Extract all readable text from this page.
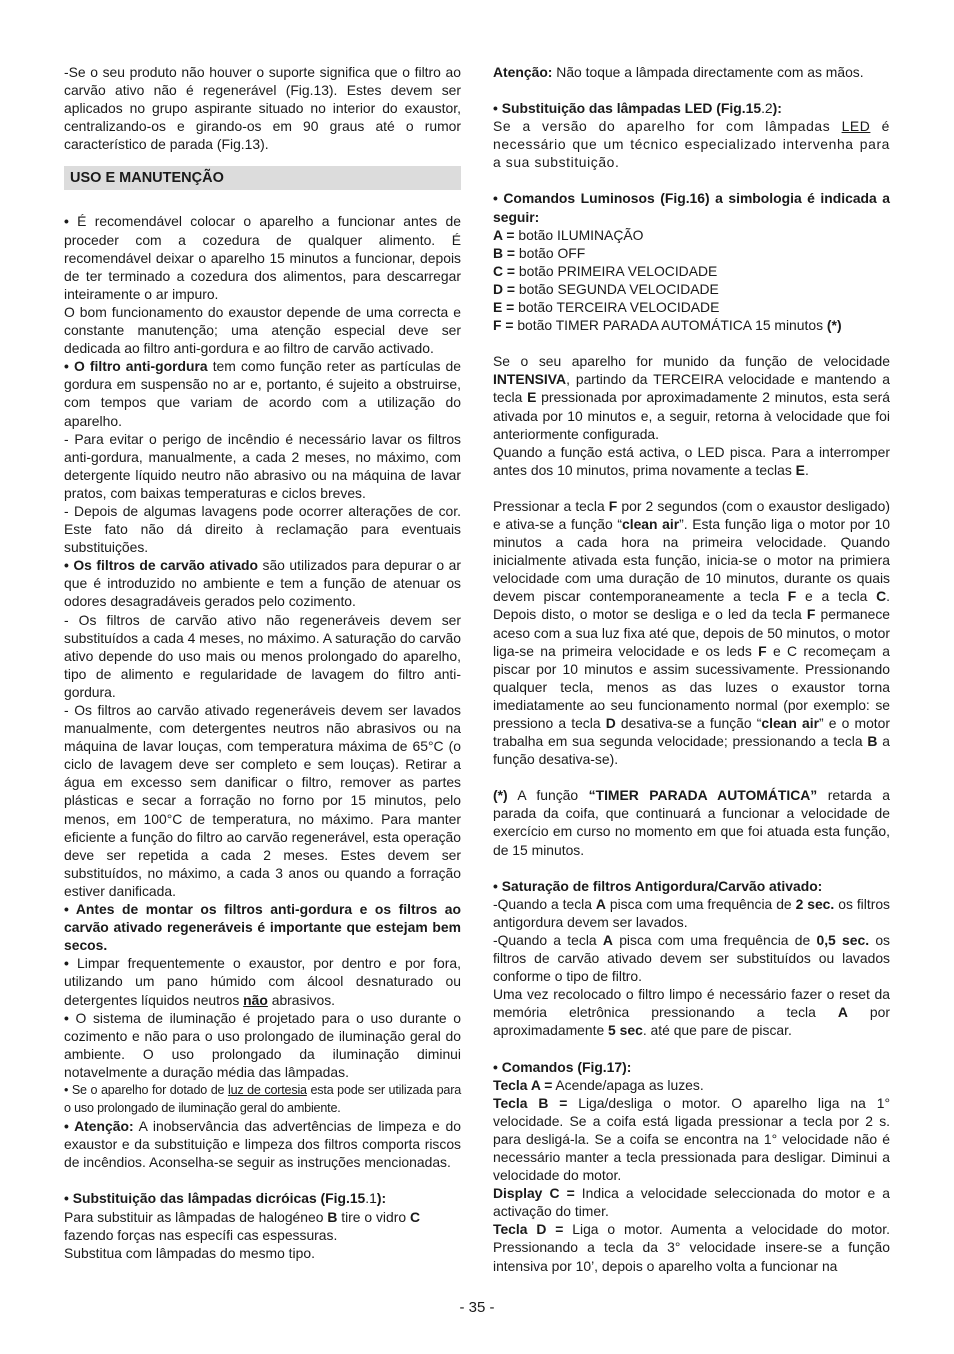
-Se o seu produto não houver o suporte significa que o filtro ao carvão ativo não é regenerável (Fig.13). Estes devem ser aplicados no grupo aspirante situado no interior do exaustor, centralizando-os e girando-os em 90 graus até o rumor característico de parada (Fig.13).

USO E MANUTENÇÃO

• É recomendável colocar o aparelho a funcionar antes de proceder com a cozedura de qualquer alimento. É recomendável deixar o aparelho 15 minutos a funcionar, depois de ter terminado a cozedura dos alimentos, para descarregar inteiramente o ar impuro.

O bom funcionamento do exaustor depende de uma correcta e constante manutenção; uma atenção especial deve ser dedicada ao filtro anti-gordura e ao filtro de carvão activado.

• O filtro anti-gordura tem como função reter as partículas de gordura em suspensão no ar e, portanto, é sujeito a obstruirse, com tempos que variam de acordo com a utilização do aparelho.

- Para evitar o perigo de incêndio é necessário lavar os filtros anti-gordura, manualmente, a cada 2 meses, no máximo, com detergente líquido neutro não abrasivo ou na máquina de lavar pratos, com baixas temperaturas e ciclos breves.

- Depois de algumas lavagens pode ocorrer alterações de cor. Este fato não dá direito à reclamação para eventuais substituições.

• Os filtros de carvão ativado são utilizados para depurar o ar que é introduzido no ambiente e tem a função de atenuar os odores desagradáveis gerados pelo cozimento.

- Os filtros de carvão ativo não regeneráveis devem ser substituídos a cada 4 meses, no máximo. A saturação do carvão ativo depende do uso mais ou menos prolongado do aparelho, tipo de alimento e regularidade de lavagem do filtro anti-gordura.

- Os filtros ao carvão ativado regeneráveis devem ser lavados manualmente, com detergentes neutros não abrasivos ou na máquina de lavar louças, com temperatura máxima de 65°C (o ciclo de lavagem deve ser completo e sem louças). Retirar a água em excesso sem danificar o filtro, remover as partes plásticas e secar a forração no forno por 15 minutos, pelo menos, em 100°C de temperatura, no máximo. Para manter eficiente a função do filtro ao carvão regenerável, esta operação deve ser repetida a cada 2 meses. Estes devem ser substituídos, no máximo, a cada 3 anos ou quando a forração estiver danificada.

• Antes de montar os filtros anti-gordura e os filtros ao carvão ativado regeneráveis é importante que estejam bem secos.

• Limpar frequentemente o exaustor, por dentro e por fora, utilizando um pano húmido com álcool desnaturado ou detergentes líquidos neutros não abrasivos.

• O sistema de iluminação é projetado para o uso durante o cozimento e não para o uso prolongado de iluminação geral do ambiente. O uso prolongado da iluminação diminui notavelmente a duração média das lâmpadas.

• Se o aparelho for dotado de luz de cortesia esta pode ser utilizada para o uso prolongado de iluminação geral do ambiente.

• Atenção: A inobservância das advertências de limpeza e do exaustor e da substituição e limpeza dos filtros comporta riscos de incêndios. Aconselha-se seguir as instruções mencionadas.

• Substituição das lâmpadas dicróicas (Fig.15.1):

Para substituir as lâmpadas de halogéneo B tire o vidro C

fazendo forças nas específi cas espessuras.

Substitua com lâmpadas do mesmo tipo.

Atenção: Não toque a lâmpada directamente com as mãos.

• Substituição das lâmpadas LED (Fig.15.2):

Se a versão do aparelho for com lâmpadas LED é necessário que um técnico especializado intervenha para a sua substituição.

• Comandos Luminosos (Fig.16) a simbologia é indicada a seguir:

A = botão ILUMINAÇÃO

B = botão OFF

C = botão PRIMEIRA VELOCIDADE

D = botão SEGUNDA VELOCIDADE

E = botão TERCEIRA VELOCIDADE

F = botão TIMER PARADA AUTOMÁTICA 15 minutos (*)

Se o seu aparelho for munido da função de velocidade INTENSIVA, partindo da TERCEIRA velocidade e mantendo a tecla E pressionada por aproximadamente 2 minutos, esta será ativada por 10 minutos e, a seguir, retorna à velocidade que foi anteriormente configurada.

Quando a função está activa, o LED pisca. Para a interromper antes dos 10 minutos, prima novamente a teclas E.

Pressionar a tecla F por 2 segundos (com o exaustor desligado) e ativa-se a função “clean air”. Esta função liga o motor por 10 minutos a cada hora na primeira velocidade. Quando inicialmente ativada esta função, inicia-se o motor na primiera velocidade com uma duração de 10 minutos, durante os quais devem piscar contemporaneamente a tecla F e a tecla C. Depois disto, o motor se desliga e o led da tecla F permanece aceso com a sua luz fixa até que, depois de 50 minutos, o motor liga-se na primeira velocidade e os leds F e C recomeçam a piscar por 10 minutos e assim sucessivamente. Pressionando qualquer tecla, menos as das luzes o exaustor torna imediatamente ao seu funcionamento normal (por exemplo: se pressiono a tecla D desativa-se a função “clean air” e o motor trabalha em sua segunda velocidade; pressionando a tecla B a função desativa-se).

(*) A função “TIMER PARADA AUTOMÁTICA” retarda a parada da coifa, que continuará a funcionar a velocidade de exercício em curso no momento em que foi atuada esta função, de 15 minutos.

• Saturação de filtros Antigordura/Carvão ativado:

-Quando a tecla A pisca com uma frequência de 2 sec. os filtros antigordura devem ser lavados.

-Quando a tecla A pisca com uma frequência de 0,5 sec. os filtros de carvão ativado devem ser substituídos ou lavados conforme o tipo de filtro.

Uma vez recolocado o filtro limpo é necessário fazer o reset da memória eletrônica pressionando a tecla A por aproximadamente 5 sec. até que pare de piscar.

• Comandos (Fig.17):

Tecla A = Acende/apaga as luzes.

Tecla B = Liga/desliga o motor. O aparelho liga na 1° velocidade. Se a coifa está ligada pressionar a tecla por 2 s. para desligá-la. Se a coifa se encontra na 1° velocidade não é necessário manter a tecla pressionada para desligar. Diminui a velocidade do motor.

Display C = Indica a velocidade seleccionada do motor e a activação do timer.

Tecla D = Liga o motor. Aumenta a velocidade do motor. Pressionando a tecla da 3° velocidade insere-se a função intensiva por 10’, depois o aparelho volta a funcionar na

- 35 -
